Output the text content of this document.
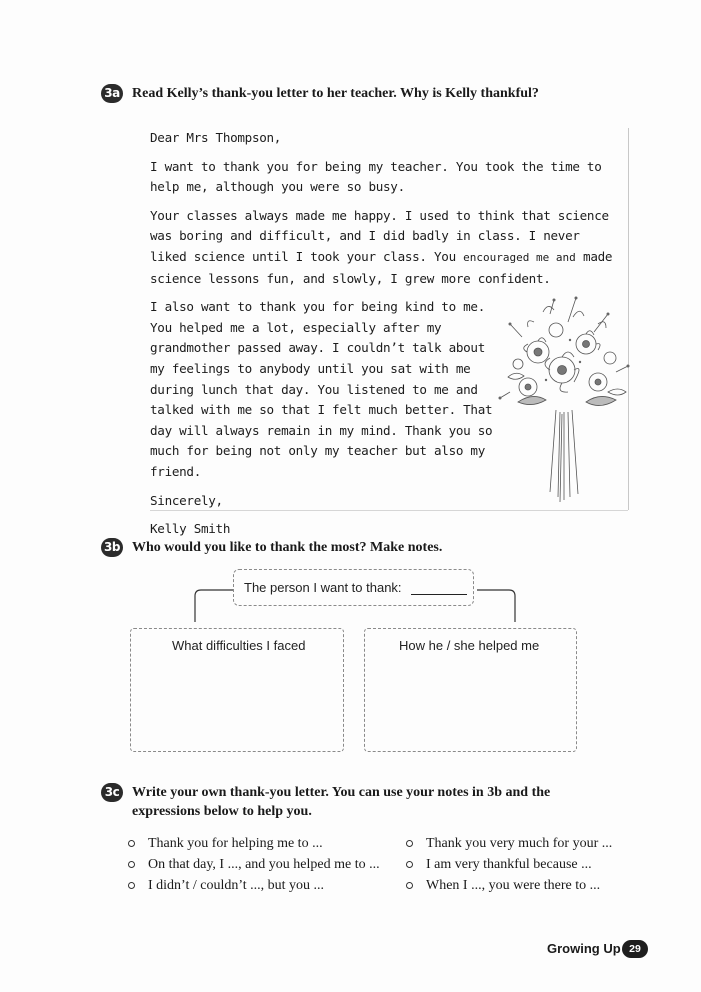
3a Read Kelly’s thank-you letter to her teacher. Why is Kelly thankful?

Dear Mrs Thompson,

I want to thank you for being my teacher. You took the time to help me, although you were so busy.

Your classes always made me happy. I used to think that science was boring and difficult, and I did badly in class. I never liked science until I took your class. You encouraged me and made science lessons fun, and slowly, I grew more confident.

I also want to thank you for being kind to me. You helped me a lot, especially after my grandmother passed away. I couldn’t talk about my feelings to anybody until you sat with me during lunch that day. You listened to me and talked with me so that I felt much better. That day will always remain in my mind. Thank you so much for being not only my teacher but also my friend.

Sincerely,

Kelly Smith

3b Who would you like to thank the most? Make notes.
The person I want to thank:
What difficulties I faced	How he / she helped me
3c Write your own thank-you letter. You can use your notes in 3b and the
expressions below to help you.
Thank you for helping me to ...
On that day, I ..., and you helped me to ...
I didn’t / couldn’t ..., but you ...
Thank you very much for your ...
I am very thankful because ...
When I ..., you were there to ...
Growing Up 29
